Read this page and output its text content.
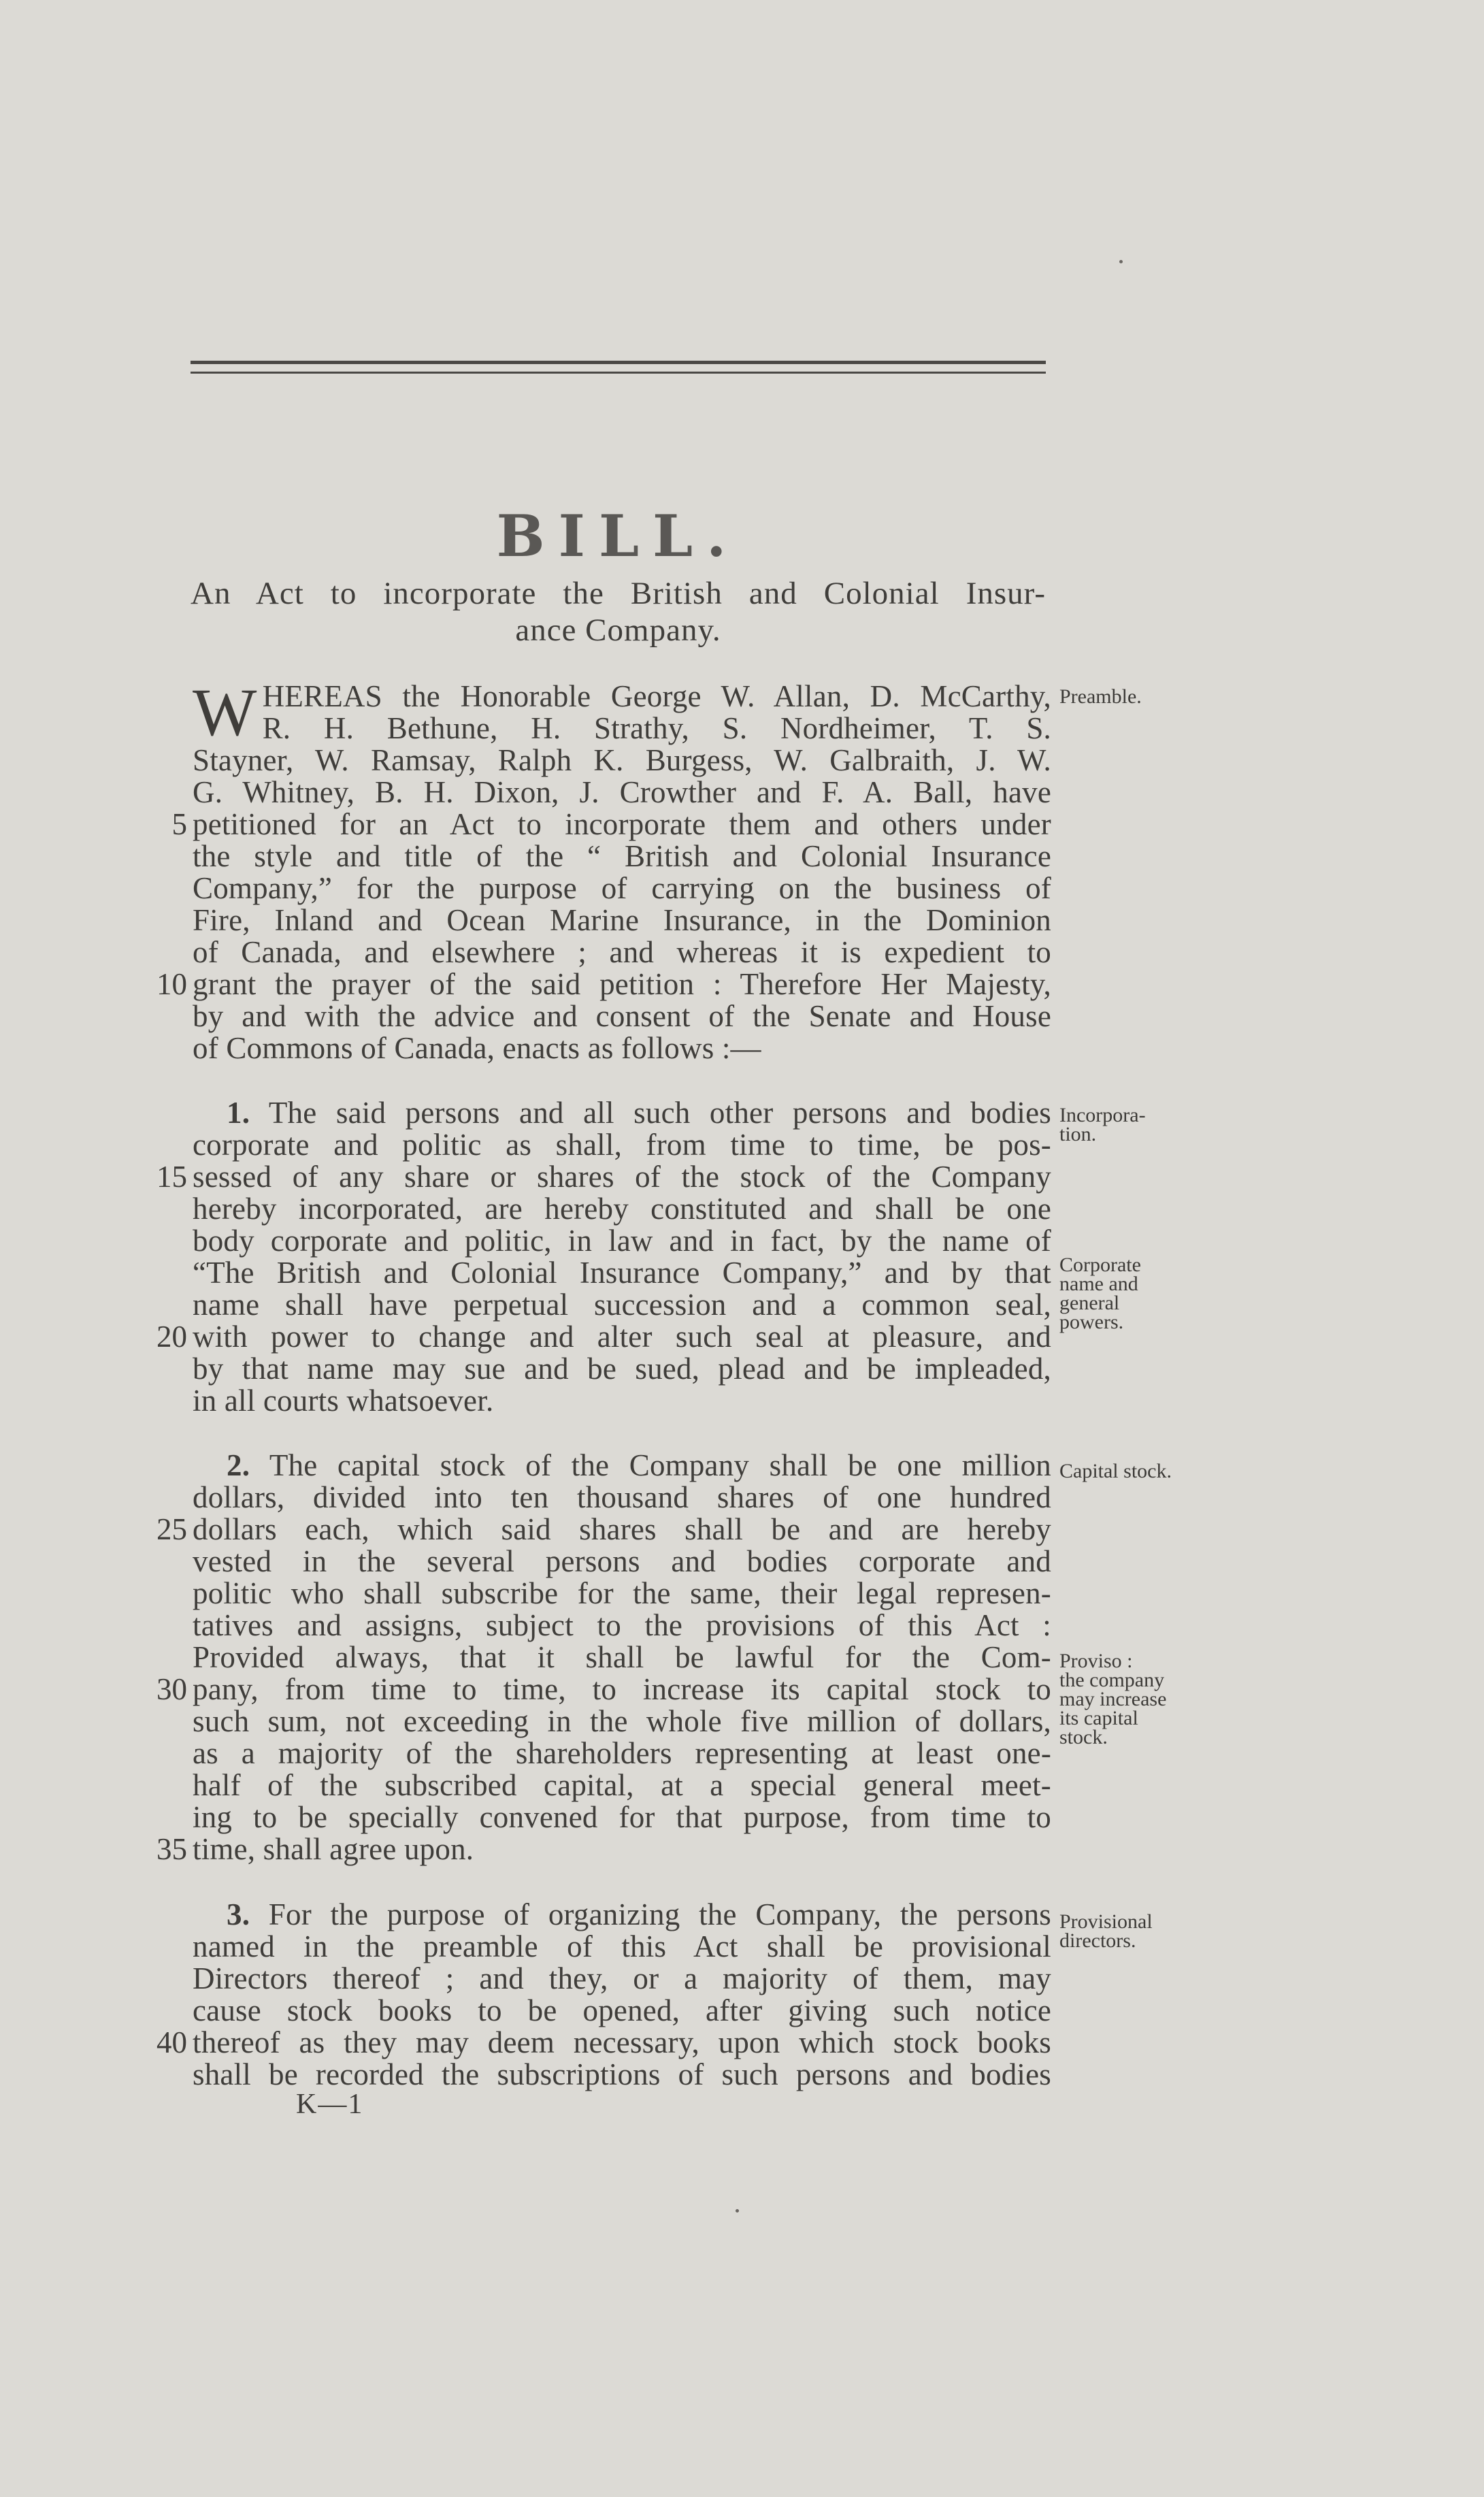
BILL.
An Act to incorporate the British and Colonial Insur-
ance Company.
W HEREAS the Honorable George W. Allan, D. McCarthy,
R. H. Bethune, H. Strathy, S. Nordheimer, T. S.
Stayner, W. Ramsay, Ralph K. Burgess, W. Galbraith, J. W.
G. Whitney, B. H. Dixon, J. Crowther and F. A. Ball, have
petitioned for an Act to incorporate them and others under
the style and title of the “ British and Colonial Insurance
Company,” for the purpose of carrying on the business of
Fire, Inland and Ocean Marine Insurance, in the Dominion
of Canada, and elsewhere ; and whereas it is expedient to
grant the prayer of the said petition : Therefore Her Majesty,
by and with the advice and consent of the Senate and House
of Commons of Canada, enacts as follows :—
1. The said persons and all such other persons and bodies
corporate and politic as shall, from time to time, be pos-
sessed of any share or shares of the stock of the Company
hereby incorporated, are hereby constituted and shall be one
body corporate and politic, in law and in fact, by the name of
“The British and Colonial Insurance Company,” and by that
name shall have perpetual succession and a common seal,
with power to change and alter such seal at pleasure, and
by that name may sue and be sued, plead and be impleaded,
in all courts whatsoever.
2. The capital stock of the Company shall be one million
dollars, divided into ten thousand shares of one hundred
dollars each, which said shares shall be and are hereby
vested in the several persons and bodies corporate and
politic who shall subscribe for the same, their legal represen-
tatives and assigns, subject to the provisions of this Act :
Provided always, that it shall be lawful for the Com-
pany, from time to time, to increase its capital stock to
such sum, not exceeding in the whole five million of dollars,
as a majority of the shareholders representing at least one-
half of the subscribed capital, at a special general meet-
ing to be specially convened for that purpose, from time to
time, shall agree upon.
3. For the purpose of organizing the Company, the persons
named in the preamble of this Act shall be provisional
Directors thereof ; and they, or a majority of them, may
cause stock books to be opened, after giving such notice
thereof as they may deem necessary, upon which stock books
shall be recorded the subscriptions of such persons and bodies
5
10
15
20
25
30
35
40
Preamble.
Incorpora-
tion.
Corporate
name and
general
powers.
Capital stock.
Proviso :
the company
may increase
its capital
stock.
Provisional
directors.
K—1
